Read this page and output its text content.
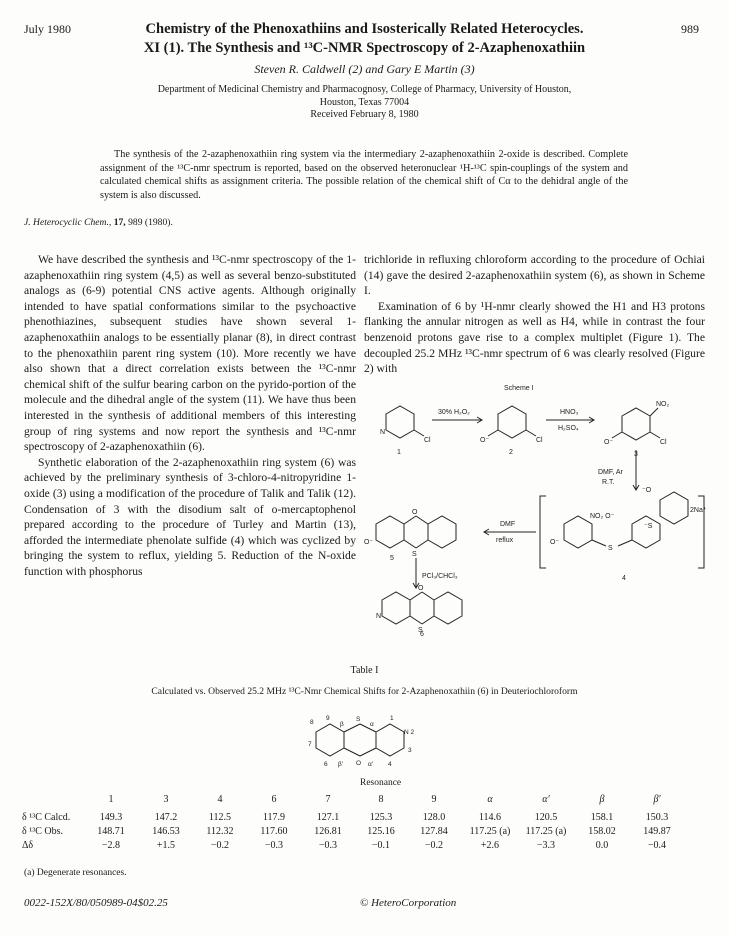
July 1980	989
Chemistry of the Phenoxathiins and Isosterically Related Heterocycles.
XI (1). The Synthesis and ¹³C-NMR Spectroscopy of 2-Azaphenoxathiin
Steven R. Caldwell (2) and Gary E Martin (3)
Department of Medicinal Chemistry and Pharmacognosy, College of Pharmacy, University of Houston,
Houston, Texas 77004
Received February 8, 1980
The synthesis of the 2-azaphenoxathiin ring system via the intermediary 2-azaphenoxathiin 2-oxide is described. Complete assignment of the ¹³C-nmr spectrum is reported, based on the observed heteronuclear ¹H-¹³C spin-couplings of the system and calculated chemical shifts as assignment criteria. The possible relation of the chemical shift of Cα to the dehidral angle of the system is also discussed.
J. Heterocyclic Chem., 17, 989 (1980).

We have described the synthesis and ¹³C-nmr spectroscopy of the 1-azaphenoxathiin ring system (4,5) as well as several benzo-substituted analogs as (6-9) potential CNS active agents. Although originally intended to have spatial conformations similar to the psychoactive phenothiazines, subsequent studies have shown several 1-azaphenoxathiin analogs to be essentially planar (8), in direct contrast to the phenoxathiin parent ring system (10). More recently we have also shown that a direct correlation exists between the ¹³C-nmr chemical shift of the sulfur bearing carbon on the pyrido-portion of the molecule and the dihedral angle of the system (11). We have thus been interested in the synthesis of additional members of this interesting group of ring systems and now report the synthesis and ¹³C-nmr spectroscopy of 2-azaphenoxathiin (6).

Synthetic elaboration of the 2-azaphenoxathiin ring system (6) was achieved by the preliminary synthesis of 3-chloro-4-nitropyridine 1-oxide (3) using a modification of the procedure of Talik and Talik (12). Condensation of 3 with the disodium salt of o-mercaptophenol prepared according to the procedure of Turley and Martin (13), afforded the intermediate phenolate sulfide (4) which was cyclized by bringing the system to reflux, yielding 5. Reduction of the N-oxide function with phosphorus

trichloride in refluxing chloroform according to the procedure of Ochiai (14) gave the desired 2-azaphenoxathiin system (6), as shown in Scheme I.

Examination of 6 by ¹H-nmr clearly showed the H1 and H3 protons flanking the annular nitrogen as well as H4, while in contrast the four benzenoid protons gave rise to a complex multiplet (Figure 1). The decoupled 25.2 MHz ¹³C-nmr spectrum of 6 was clearly resolved (Figure 2) with

Scheme I
N
Cl
1
30% H₂O₂
O⁻	Cl
2
HNO₃
H₂SO₄
NO₂
Cl
O⁻
3
DMF, Ar
R.T.
⁻O
⁻S
2Na⁺
NO₂ O⁻
S
O⁻
4
DMF
reflux
O
S
O⁻
5
PCl₃/CHCl₃
O
S
N
6
Table I
Calculated vs. Observed 25.2 MHz ¹³C-Nmr Chemical Shifts for 2-Azaphenoxathiin (6) in Deuteriochloroform
8
9
7
6
β
S
α
1
N 2
3
β' O α' 4
Resonance
	1	3	4	6	7	8	9	α	α'	β	β'
δ ¹³C Calcd.	149.3	147.2	112.5	117.9	127.1	125.3	128.0	114.6	120.5	158.1	150.3
δ ¹³C Obs.	148.71	146.53	112.32	117.60	126.81	125.16	127.84	117.25 (a)	117.25 (a)	158.02	149.87
Δδ	−2.8	+1.5	−0.2	−0.3	−0.3	−0.1	−0.2	+2.6	−3.3	0.0	−0.4
(a) Degenerate resonances.
0022-152X/80/050989-04$02.25	© HeteroCorporation
